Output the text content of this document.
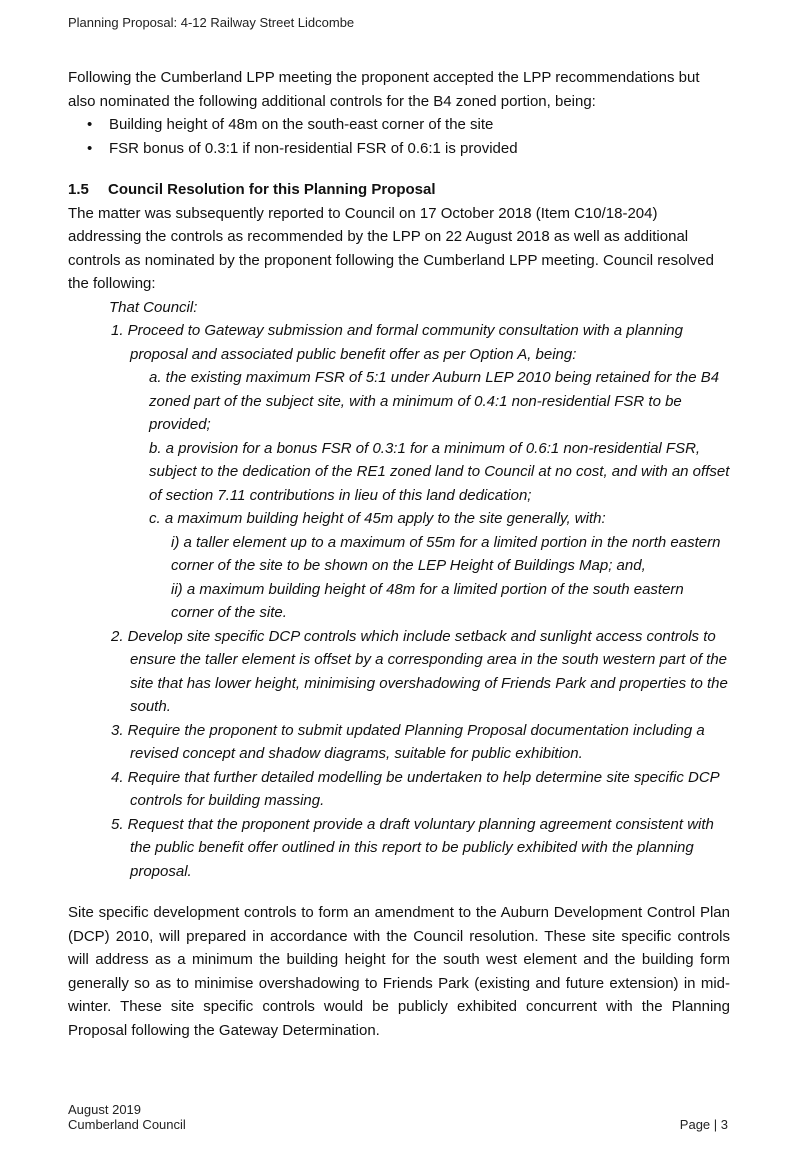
Planning Proposal: 4-12 Railway Street Lidcombe

Following the Cumberland LPP meeting the proponent accepted the LPP recommendations but also nominated the following additional controls for the B4 zoned portion, being:

• Building height of 48m on the south-east corner of the site
• FSR bonus of 0.3:1 if non-residential FSR of 0.6:1 is provided
1.5 Council Resolution for this Planning Proposal

The matter was subsequently reported to Council on 17 October 2018 (Item C10/18-204) addressing the controls as recommended by the LPP on 22 August 2018 as well as additional controls as nominated by the proponent following the Cumberland LPP meeting. Council resolved the following:

That Council:

1. Proceed to Gateway submission and formal community consultation with a planning proposal and associated public benefit offer as per Option A, being:

a. the existing maximum FSR of 5:1 under Auburn LEP 2010 being retained for the B4 zoned part of the subject site, with a minimum of 0.4:1 non-residential FSR to be provided;

b. a provision for a bonus FSR of 0.3:1 for a minimum of 0.6:1 non-residential FSR, subject to the dedication of the RE1 zoned land to Council at no cost, and with an offset of section 7.11 contributions in lieu of this land dedication;

c. a maximum building height of 45m apply to the site generally, with:

i) a taller element up to a maximum of 55m for a limited portion in the north eastern corner of the site to be shown on the LEP Height of Buildings Map; and,

ii) a maximum building height of 48m for a limited portion of the south eastern corner of the site.

2. Develop site specific DCP controls which include setback and sunlight access controls to ensure the taller element is offset by a corresponding area in the south western part of the site that has lower height, minimising overshadowing of Friends Park and properties to the south.

3. Require the proponent to submit updated Planning Proposal documentation including a revised concept and shadow diagrams, suitable for public exhibition.

4. Require that further detailed modelling be undertaken to help determine site specific DCP controls for building massing.

5. Request that the proponent provide a draft voluntary planning agreement consistent with the public benefit offer outlined in this report to be publicly exhibited with the planning proposal.

Site specific development controls to form an amendment to the Auburn Development Control Plan (DCP) 2010, will prepared in accordance with the Council resolution. These site specific controls will address as a minimum the building height for the south west element and the building form generally so as to minimise overshadowing to Friends Park (existing and future extension) in mid-winter. These site specific controls would be publicly exhibited concurrent with the Planning Proposal following the Gateway Determination.

August 2019
Cumberland Council	Page | 3
